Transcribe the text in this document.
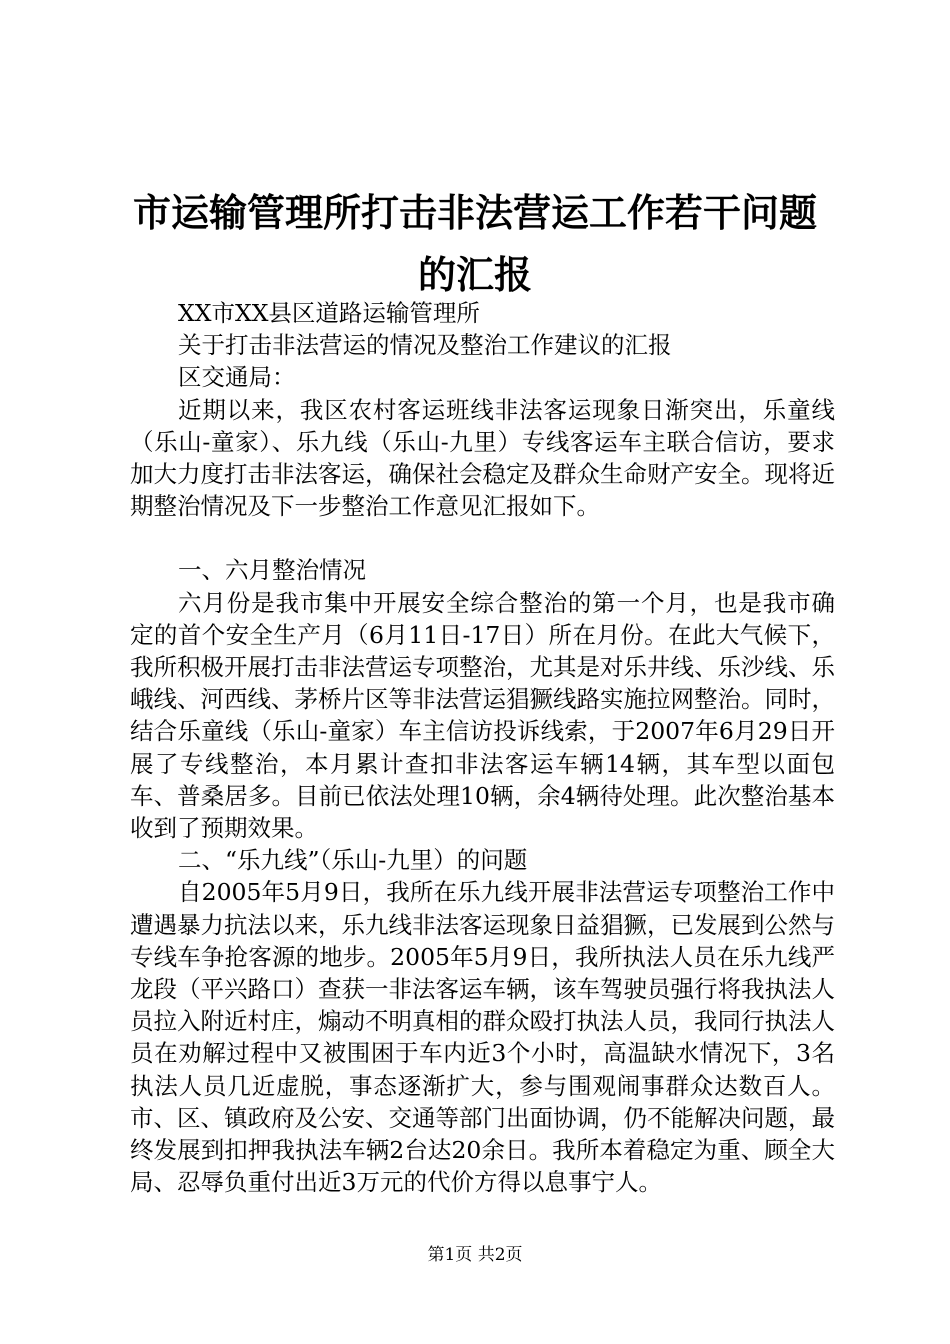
市运输管理所打击非法营运工作若干问题的汇报

XX市XX县区道路运输管理所

关于打击非法营运的情况及整治工作建议的汇报

区交通局：

近期以来，我区农村客运班线非法客运现象日渐突出，乐童线（乐山-童家）、乐九线（乐山-九里）专线客运车主联合信访，要求加大力度打击非法客运，确保社会稳定及群众生命财产安全。现将近期整治情况及下一步整治工作意见汇报如下。

一、六月整治情况

六月份是我市集中开展安全综合整治的第一个月，也是我市确定的首个安全生产月（6月11日-17日）所在月份。在此大气候下，我所积极开展打击非法营运专项整治，尤其是对乐井线、乐沙线、乐峨线、河西线、茅桥片区等非法营运猖獗线路实施拉网整治。同时，结合乐童线（乐山-童家）车主信访投诉线索，于2007年6月29日开展了专线整治，本月累计查扣非法客运车辆14辆，其车型以面包车、普桑居多。目前已依法处理10辆，余4辆待处理。此次整治基本收到了预期效果。

二、“乐九线”（乐山-九里）的问题

自2005年5月9日，我所在乐九线开展非法营运专项整治工作中遭遇暴力抗法以来，乐九线非法客运现象日益猖獗，已发展到公然与专线车争抢客源的地步。2005年5月9日，我所执法人员在乐九线严龙段（平兴路口）查获一非法客运车辆，该车驾驶员强行将我执法人员拉入附近村庄，煽动不明真相的群众殴打执法人员，我同行执法人员在劝解过程中又被围困于车内近3个小时，高温缺水情况下，3名执法人员几近虚脱，事态逐渐扩大，参与围观闹事群众达数百人。市、区、镇政府及公安、交通等部门出面协调，仍不能解决问题，最终发展到扣押我执法车辆2台达20余日。我所本着稳定为重、顾全大局、忍辱负重付出近3万元的代价方得以息事宁人。

第1页 共2页
